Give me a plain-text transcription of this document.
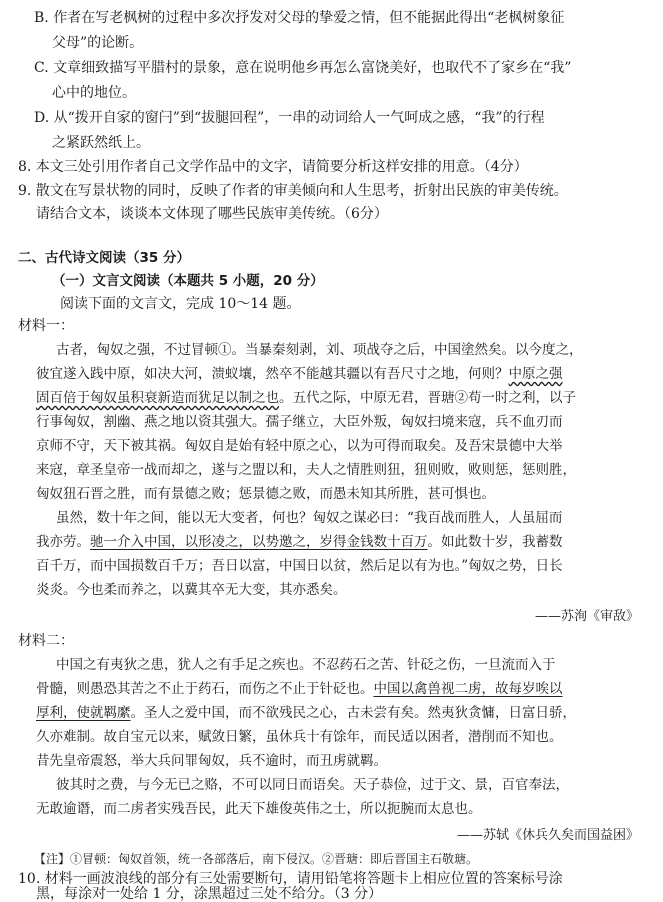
B. 作者在写老枫树的过程中多次抒发对父母的挚爱之情，但不能据此得出“老枫树象征
父母”的论断。
C. 文章细致描写平腊村的景象，意在说明他乡再怎么富饶美好，也取代不了家乡在“我”
心中的地位。
D. 从“拨开自家的窗闩”到“拔腿回程”，一串的动词给人一气呵成之感，“我”的行程
之紧跃然纸上。
8. 本文三处引用作者自己文学作品中的文字，请简要分析这样安排的用意。（4分）
9. 散文在写景状物的同时，反映了作者的审美倾向和人生思考，折射出民族的审美传统。
请结合文本，谈谈本文体现了哪些民族审美传统。（6分）
二、古代诗文阅读（35 分）
（一）文言文阅读（本题共 5 小题，20 分）
阅读下面的文言文，完成 10～14 题。
材料一：
古者，匈奴之强，不过冒顿①。当暴秦刻剥，刘、项战夺之后，中国塗然矣。以今度之，
彼宜遂入践中原，如决大河，溃蚁壤，然卒不能越其疆以有吾尺寸之地，何则？中原之强
固百倍于匈奴虽积衰新造而犹足以制之也。五代之际，中原无君，晋瑭②苟一时之利，以子
行事匈奴，割幽、燕之地以资其强大。孺子继立，大臣外叛，匈奴扫境来寇，兵不血刃而
京师不守，天下被其祸。匈奴自是始有轻中原之心，以为可得而取矣。及吾宋景德中大举
来寇，章圣皇帝一战而却之，遂与之盟以和，夫人之情胜则狃，狃则败，败则惩，惩则胜，
匈奴狃石晋之胜，而有景德之败；惩景德之败，而愚未知其所胜，甚可惧也。
虽然，数十年之间，能以无大变者，何也？匈奴之谋必曰：“我百战而胜人，人虽屈而
我亦劳。驰一介入中国，以形凌之，以势邀之，岁得金钱数十百万。如此数十岁，我蓄数
百千万，而中国损数百千万；吾日以富，中国日以贫，然后足以有为也。”匈奴之势，日长
炎炎。今也柔而养之，以冀其卒无大变，其亦悉矣。
——苏洵《审敌》
材料二：
中国之有夷狄之患，犹人之有手足之疾也。不忍药石之苦、针砭之伤，一旦流而入于
骨髓，则愚恐其苦之不止于药石，而伤之不止于针砭也。中国以禽兽视二虏，故每岁唉以
厚利，使就羁縻。圣人之爱中国，而不欲残民之心，古未尝有矣。然夷狄贪慵，日富日骄，
久亦难制。故自宝元以来，赋敛日繁，虽休兵十有馀年，而民适以困者，潜削而不知也。
昔先皇帝震怒，举大兵问罪匈奴，兵不逾时，而丑虏就羁。
彼其时之费，与今无已之赂，不可以同日而语矣。天子恭俭，过于文、景，百官奉法，
无敢逾谮，而二虏者实残吾民，此天下雄俊英伟之士，所以扼腕而太息也。
——苏轼《休兵久矣而国益困》
【注】①冒顿：匈奴首领，统一各部落后，南下侵汉。②晋瑭：即后晋国主石敬瑭。
10. 材料一画波浪线的部分有三处需要断句，请用铅笔将答题卡上相应位置的答案标号涂
黑，每涂对一处给 1 分，涂黑超过三处不给分。（3 分）
